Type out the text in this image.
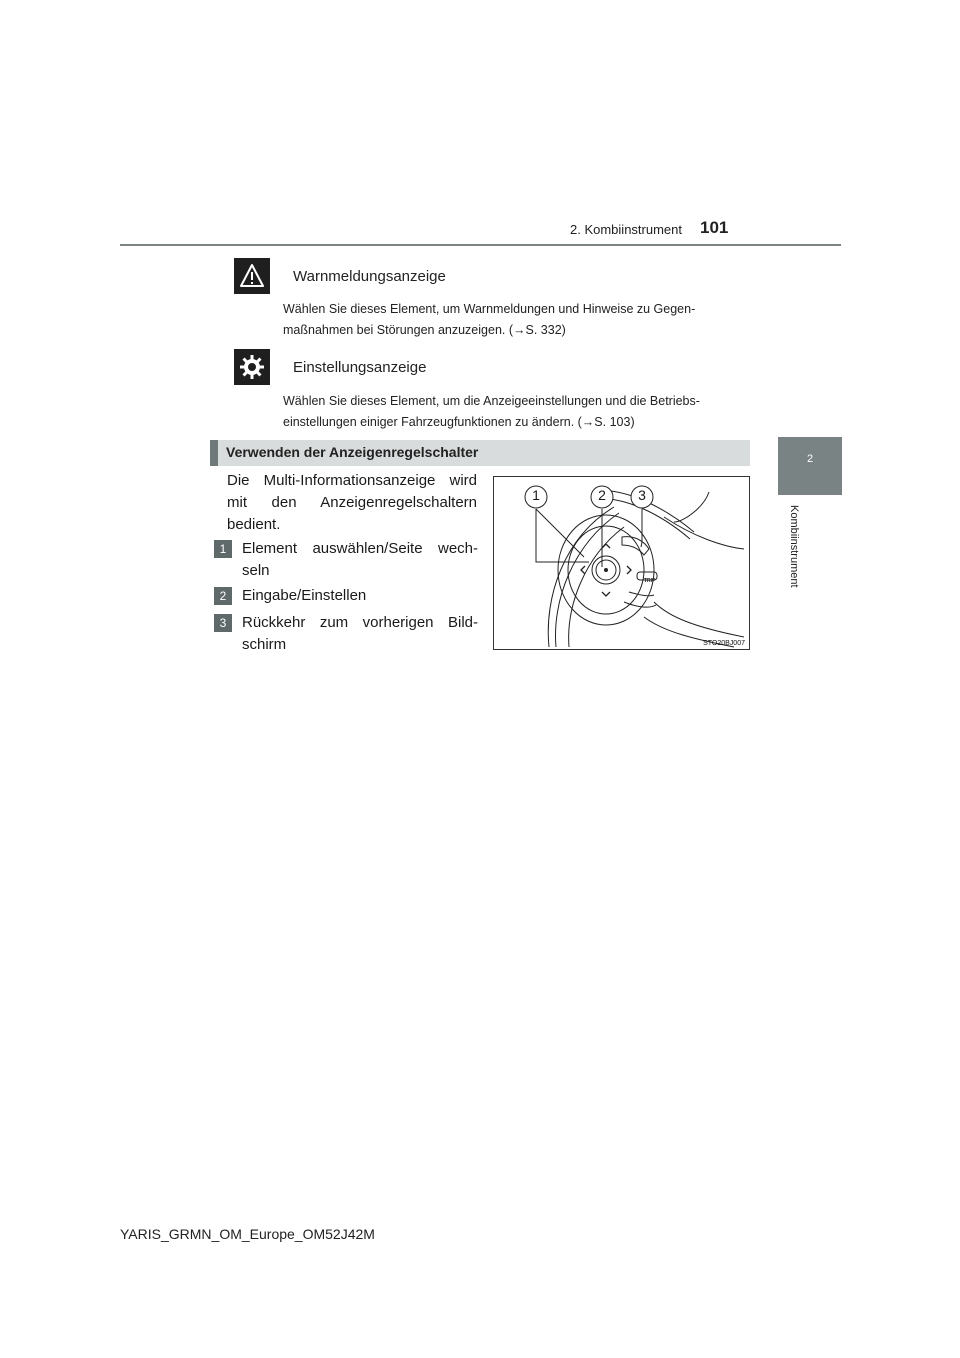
2. Kombiinstrument 101
2
Kombiinstrument
Warnmeldungsanzeige
Wählen Sie dieses Element, um Warnmeldungen und Hinweise zu Gegen-
maßnahmen bei Störungen anzuzeigen. (→S. 332)
Einstellungsanzeige
Wählen Sie dieses Element, um die Anzeigeeinstellungen und die Betriebs-
einstellungen einiger Fahrzeugfunktionen zu ändern. (→S. 103)
Verwenden der Anzeigenregelschalter
Die Multi-Informationsanzeige wird
mit den Anzeigenregelschaltern
bedient.
1	Element auswählen/Seite wech-
seln
2	Eingabe/Einstellen
3	Rückkehr zum vorherigen Bild-
schirm
1	2 3
TRIP
STO20BJ007
YARIS_GRMN_OM_Europe_OM52J42M
